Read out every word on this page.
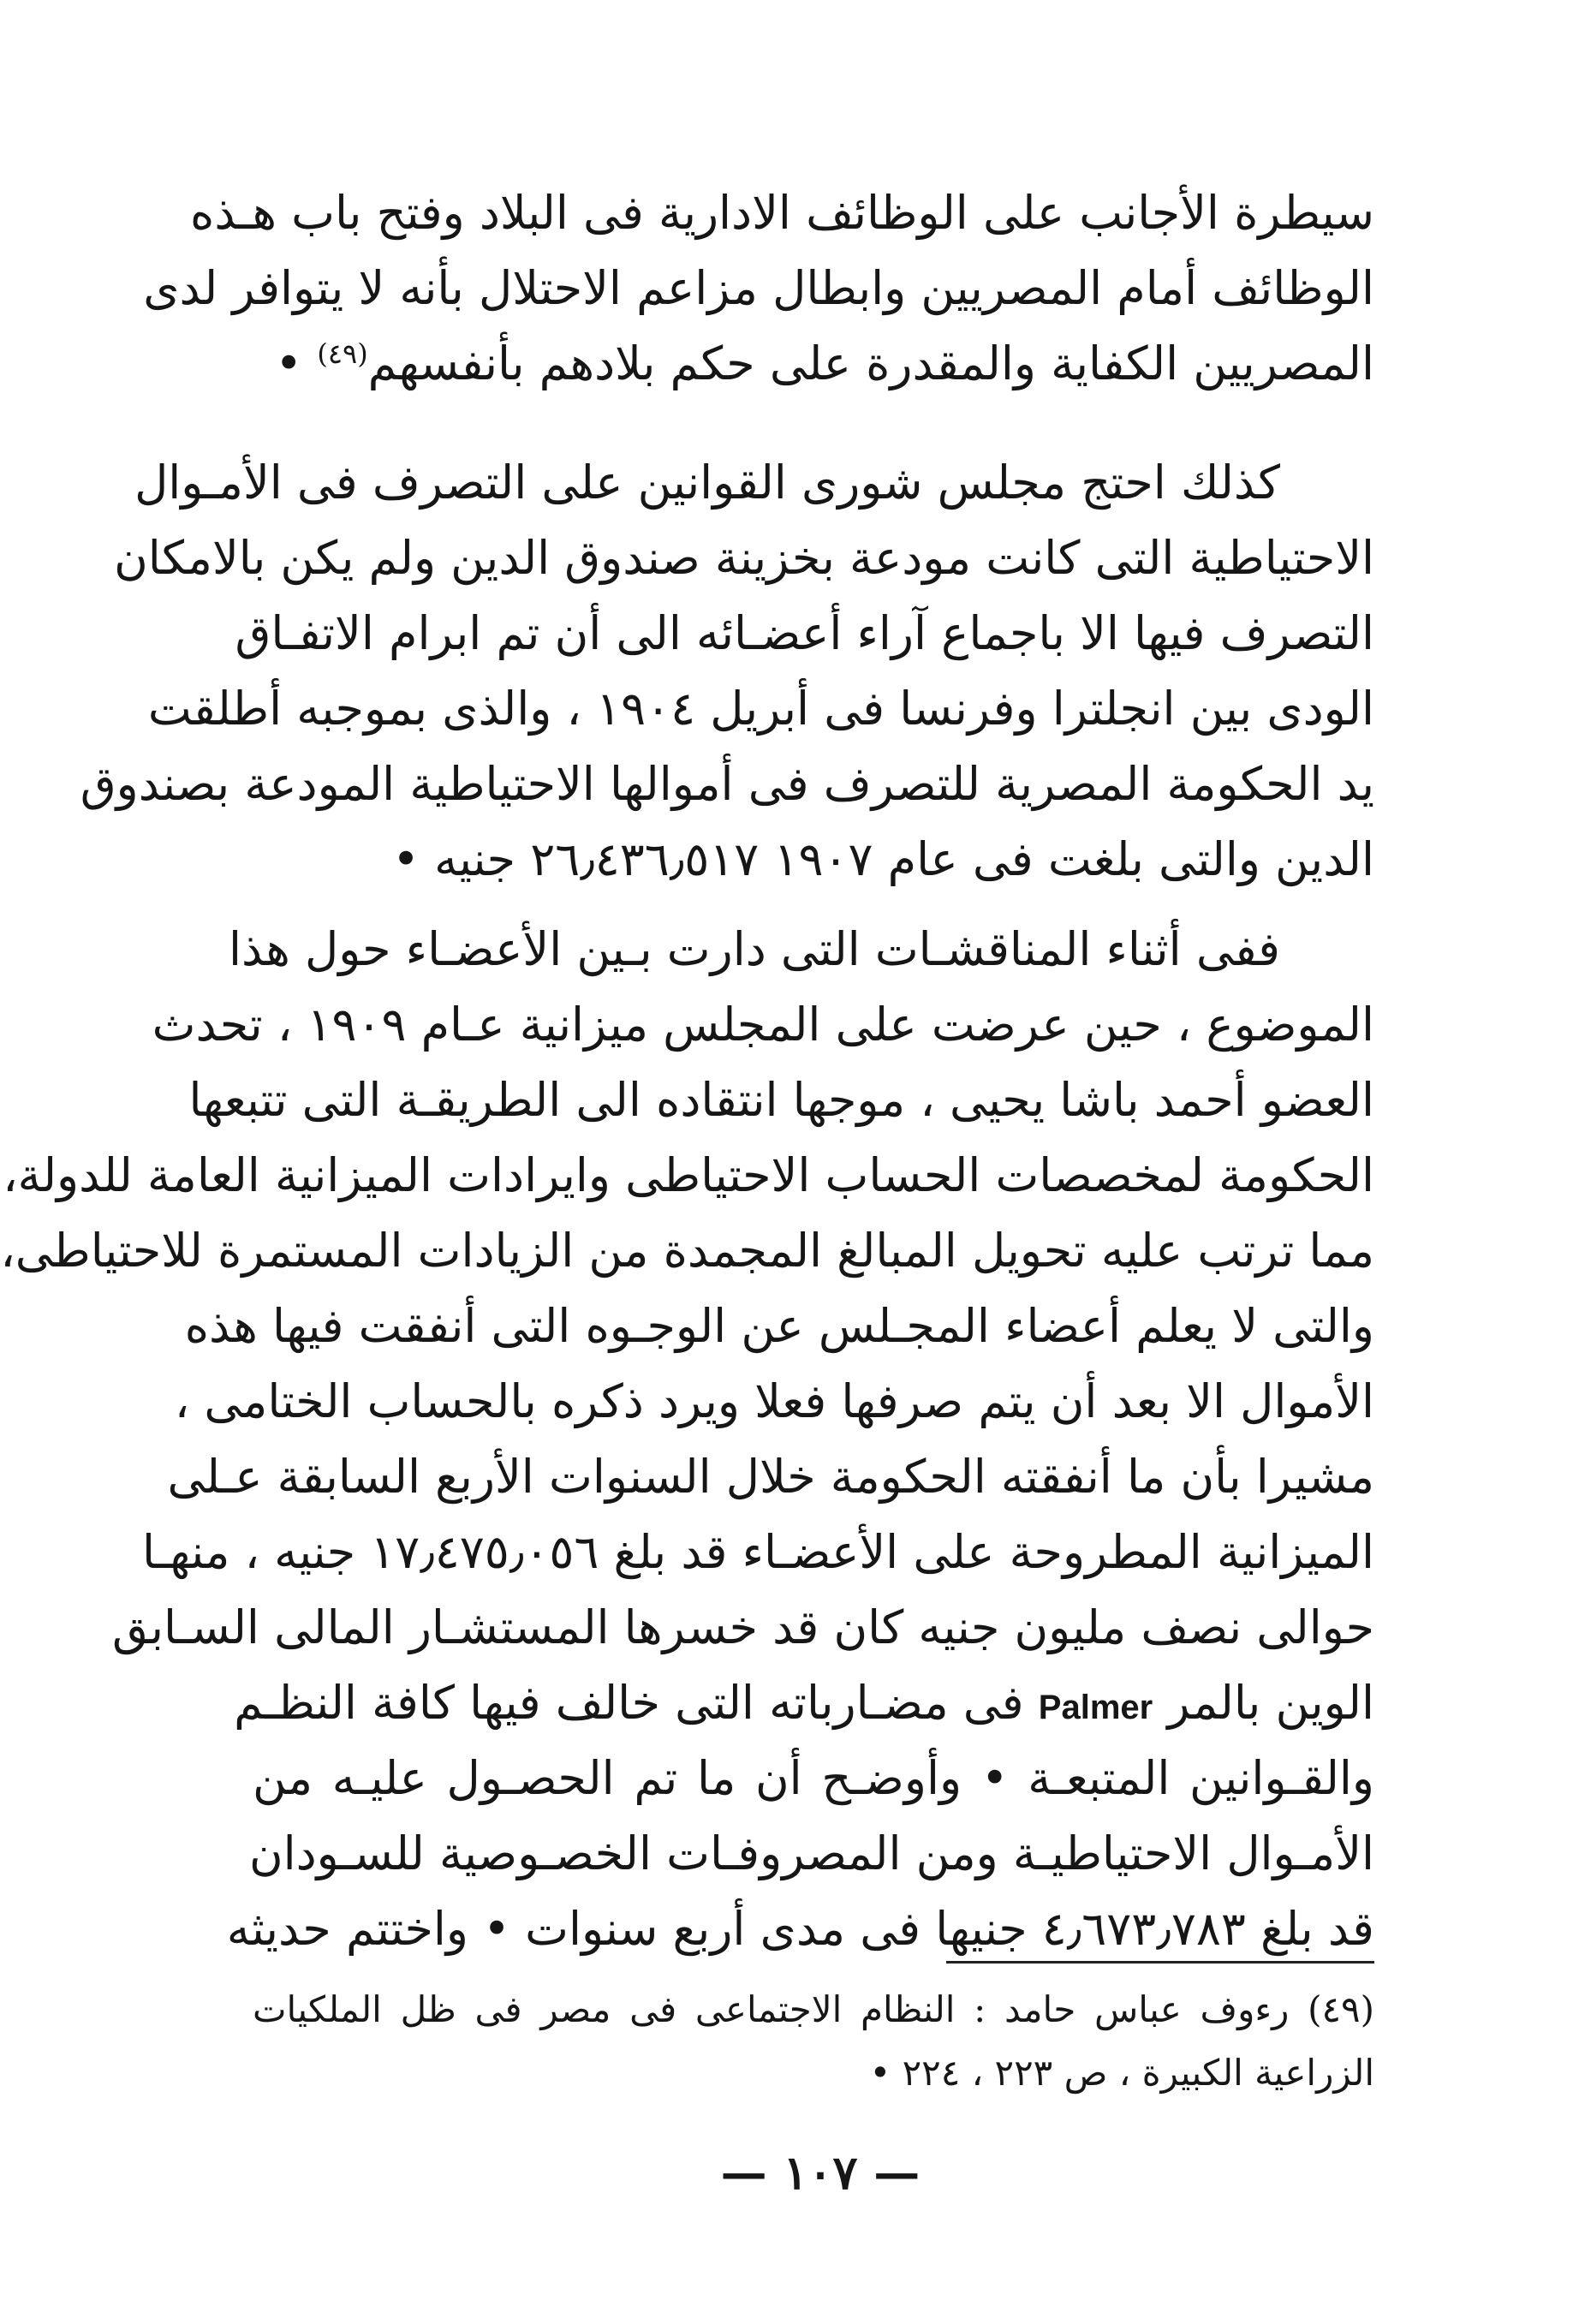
سيطرة الأجانب على الوظائف الادارية فى البلاد وفتح باب هـذه
الوظائف أمام المصريين وابطال مزاعم الاحتلال بأنه لا يتوافر لدى
المصريين الكفاية والمقدرة على حكم بلادهم بأنفسهم$^{(٤٩)}$ •
كذلك احتج مجلس شورى القوانين على التصرف فى الأمـوال
الاحتياطية التى كانت مودعة بخزينة صندوق الدين ولم يكن بالامكان
التصرف فيها الا باجماع آراء أعضـائه الى أن تم ابرام الاتفـاق
الودى بين انجلترا وفرنسا فى أبريل ١٩٠٤ ، والذى بموجبه أطلقت
يد الحكومة المصرية للتصرف فى أموالها الاحتياطية المودعة بصندوق
الدين والتى بلغت فى عام ١٩٠٧ ٢٦٫٤٣٦٫٥١٧ جنيه •
ففى أثناء المناقشـات التى دارت بـين الأعضـاء حول هذا
الموضوع ، حين عرضت على المجلس ميزانية عـام ١٩٠٩ ، تحدث
العضو أحمد باشا يحيى ، موجها انتقاده الى الطريقـة التى تتبعها
الحكومة لمخصصات الحساب الاحتياطى وايرادات الميزانية العامة للدولة،
مما ترتب عليه تحويل المبالغ المجمدة من الزيادات المستمرة للاحتياطى،
والتى لا يعلم أعضاء المجـلس عن الوجـوه التى أنفقت فيها هذه
الأموال الا بعد أن يتم صرفها فعلا ويرد ذكره بالحساب الختامى ،
مشيرا بأن ما أنفقته الحكومة خلال السنوات الأربع السابقة عـلى
الميزانية المطروحة على الأعضـاء قد بلغ ١٧٫٤٧٥٫٠٥٦ جنيه ، منهـا
حوالى نصف مليون جنيه كان قد خسرها المستشـار المالى السـابق
الوين بالمر Palmer فى مضـارباته التى خالف فيها كافة النظـم
والقـوانين المتبعـة • وأوضـح أن ما تم الحصـول عليـه من
الأمـوال الاحتياطيـة ومن المصروفـات الخصـوصية للسـودان
قد بلغ ٤٫٦٧٣٫٧٨٣ جنيها فى مدى أربع سنوات • واختتم حديثه
(٤٩) رءوف عباس حامد : النظام الاجتماعى فى مصر فى ظل الملكيات
الزراعية الكبيرة ، ص ٢٢٣ ، ٢٢٤ •
— ١٠٧ —
